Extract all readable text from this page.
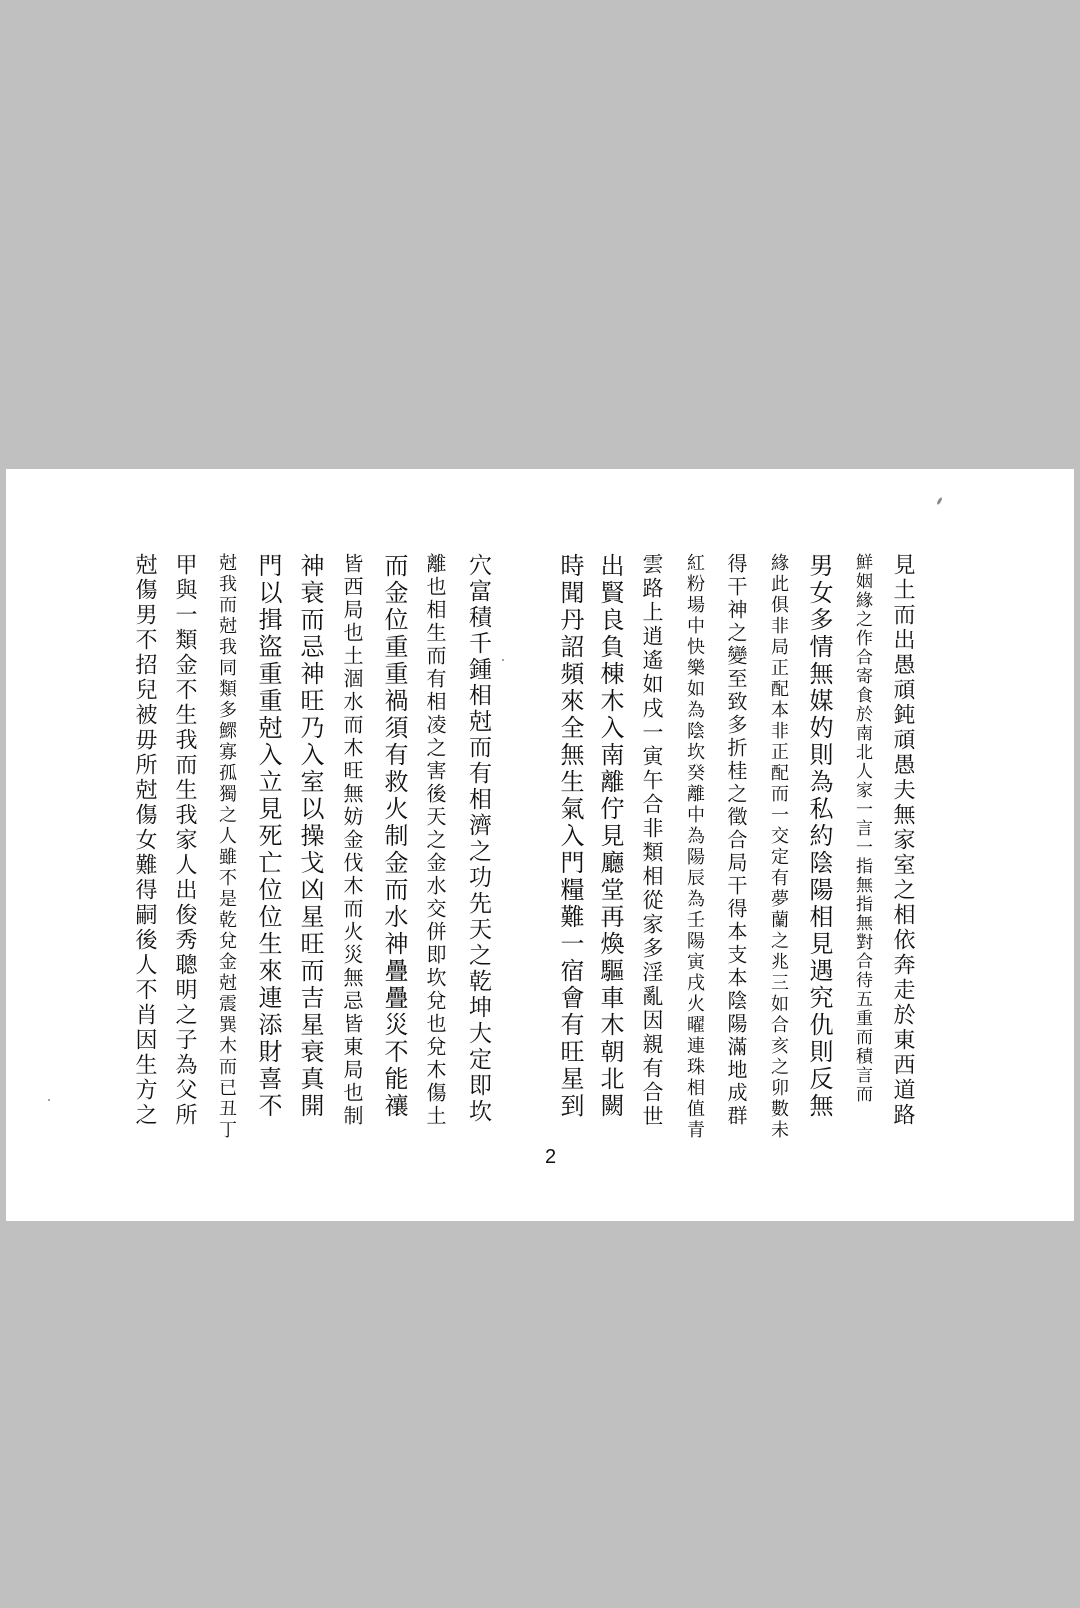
見土而出愚頑鈍頑愚夫無家室之相依奔走於東西道路
鮮姻緣之作合寄食於南北人家一言一指無指無對合待五重而積言而
男女多情無媒妁則為私約陰陽相見遇究仇則反無
緣此俱非局正配本非正配而一交定有夢蘭之兆三如合亥之卯數未
得干神之變至致多折桂之徵合局干得本支本陰陽滿地成群
紅粉場中快樂如為陰坎癸離中為陽辰為壬陽寅戌火曜連珠相值青
雲路上逍遙如戌一寅午合非類相從家多淫亂因親有合世
出賢良負棟木入南離佇見廳堂再煥驅車木朝北闕
時聞丹詔頻來全無生氣入門糧難一宿會有旺星到
2
穴富積千鍾相尅而有相濟之功先天之乾坤大定即坎
離也相生而有相凌之害後天之金水交併即坎兌也兌木傷土
而金位重重禍須有救火制金而水神疊疊災不能禳
皆西局也土涸水而木旺無妨金伐木而火災無忌皆東局也制
神衰而忌神旺乃入室以操戈凶星旺而吉星衰真開
門以揖盜重重尅入立見死亡位位生來連添財喜不
尅我而尅我同類多鰥寡孤獨之人雖不是乾兌金尅震巽木而已丑丁
甲與一類金不生我而生我家人出俊秀聰明之子為父所
尅傷男不招兒被毋所尅傷女難得嗣後人不肖因生方之
